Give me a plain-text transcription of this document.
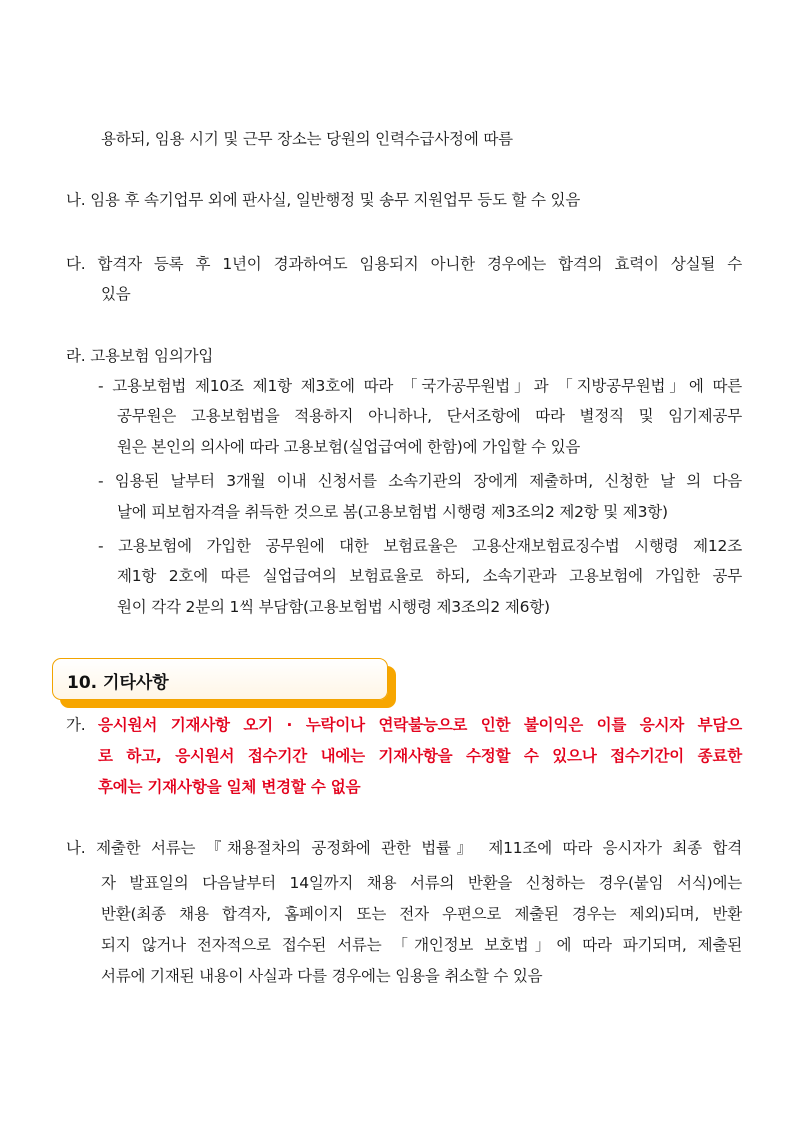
용하되, 임용 시기 및 근무 장소는 당원의 인력수급사정에 따름
나. 임용 후 속기업무 외에 판사실, 일반행정 및 송무 지원업무 등도 할 수 있음
다. 합격자 등록 후 1년이 경과하여도 임용되지 아니한 경우에는 합격의 효력이 상실될 수
있음
라. 고용보험 임의가입
- 고용보험법 제10조 제1항 제3호에 따라 「국가공무원법」과 「지방공무원법」에 따른
공무원은 고용보험법을 적용하지 아니하나, 단서조항에 따라 별정직 및 임기제공무
원은 본인의 의사에 따라 고용보험(실업급여에 한함)에 가입할 수 있음
- 임용된 날부터 3개월 이내 신청서를 소속기관의 장에게 제출하며, 신청한 날 의 다음
날에 피보험자격을 취득한 것으로 봄(고용보험법 시행령 제3조의2 제2항 및 제3항)
- 고용보험에 가입한 공무원에 대한 보험료율은 고용산재보험료징수법 시행령 제12조
제1항 2호에 따른 실업급여의 보험료율로 하되, 소속기관과 고용보험에 가입한 공무
원이 각각 2분의 1씩 부담함(고용보험법 시행령 제3조의2 제6항)
10. 기타사항
가. 응시원서 기재사항 오기 · 누락이나 연락불능으로 인한 불이익은 이를 응시자 부담으
로 하고, 응시원서 접수기간 내에는 기재사항을 수정할 수 있으나 접수기간이 종료한
후에는 기재사항을 일체 변경할 수 없음
나. 제출한 서류는 『채용절차의 공정화에 관한 법률』 제11조에 따라 응시자가 최종 합격
자 발표일의 다음날부터 14일까지 채용 서류의 반환을 신청하는 경우(붙임 서식)에는
반환(최종 채용 합격자, 홈페이지 또는 전자 우편으로 제출된 경우는 제외)되며, 반환
되지 않거나 전자적으로 접수된 서류는 「개인정보 보호법」에 따라 파기되며, 제출된
서류에 기재된 내용이 사실과 다를 경우에는 임용을 취소할 수 있음
